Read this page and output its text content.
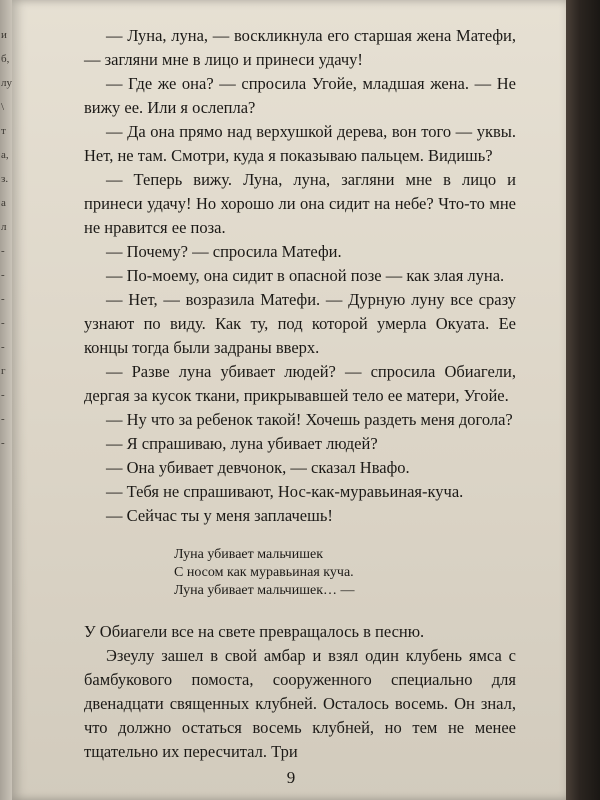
и
б,
лу
\
т
а,
з.
а
л
-
-
-
-
-
г
-
-
-

— Луна, луна, — воскликнула его старшая жена Матефи, — загляни мне в лицо и принеси удачу!

— Где же она? — спросила Угойе, младшая жена. — Не вижу ее. Или я ослепла?

— Да она прямо над верхушкой дерева, вон того — уквы. Нет, не там. Смотри, куда я показываю пальцем. Видишь?

— Теперь вижу. Луна, луна, загляни мне в лицо и принеси удачу! Но хорошо ли она сидит на небе? Что-то мне не нравится ее поза.

— Почему? — спросила Матефи.

— По-моему, она сидит в опасной позе — как злая луна.

— Нет, — возразила Матефи. — Дурную луну все сразу узнают по виду. Как ту, под которой умерла Окуата. Ее концы тогда были задраны вверх.

— Разве луна убивает людей? — спросила Обиагели, дергая за кусок ткани, прикрывавшей тело ее матери, Угойе.

— Ну что за ребенок такой! Хочешь раздеть меня догола?

— Я спрашиваю, луна убивает людей?

— Она убивает девчонок, — сказал Нвафо.

— Тебя не спрашивают, Нос-как-муравьиная-куча.

— Сейчас ты у меня заплачешь!

Луна убивает мальчишек
С носом как муравьиная куча.
Луна убивает мальчишек… —

У Обиагели все на свете превращалось в песню.

Эзеулу зашел в свой амбар и взял один клубень ямса с бамбукового помоста, сооруженного специально для двенадцати священных клубней. Осталось восемь. Он знал, что должно остаться восемь клубней, но тем не менее тщательно их пересчитал. Три

9
